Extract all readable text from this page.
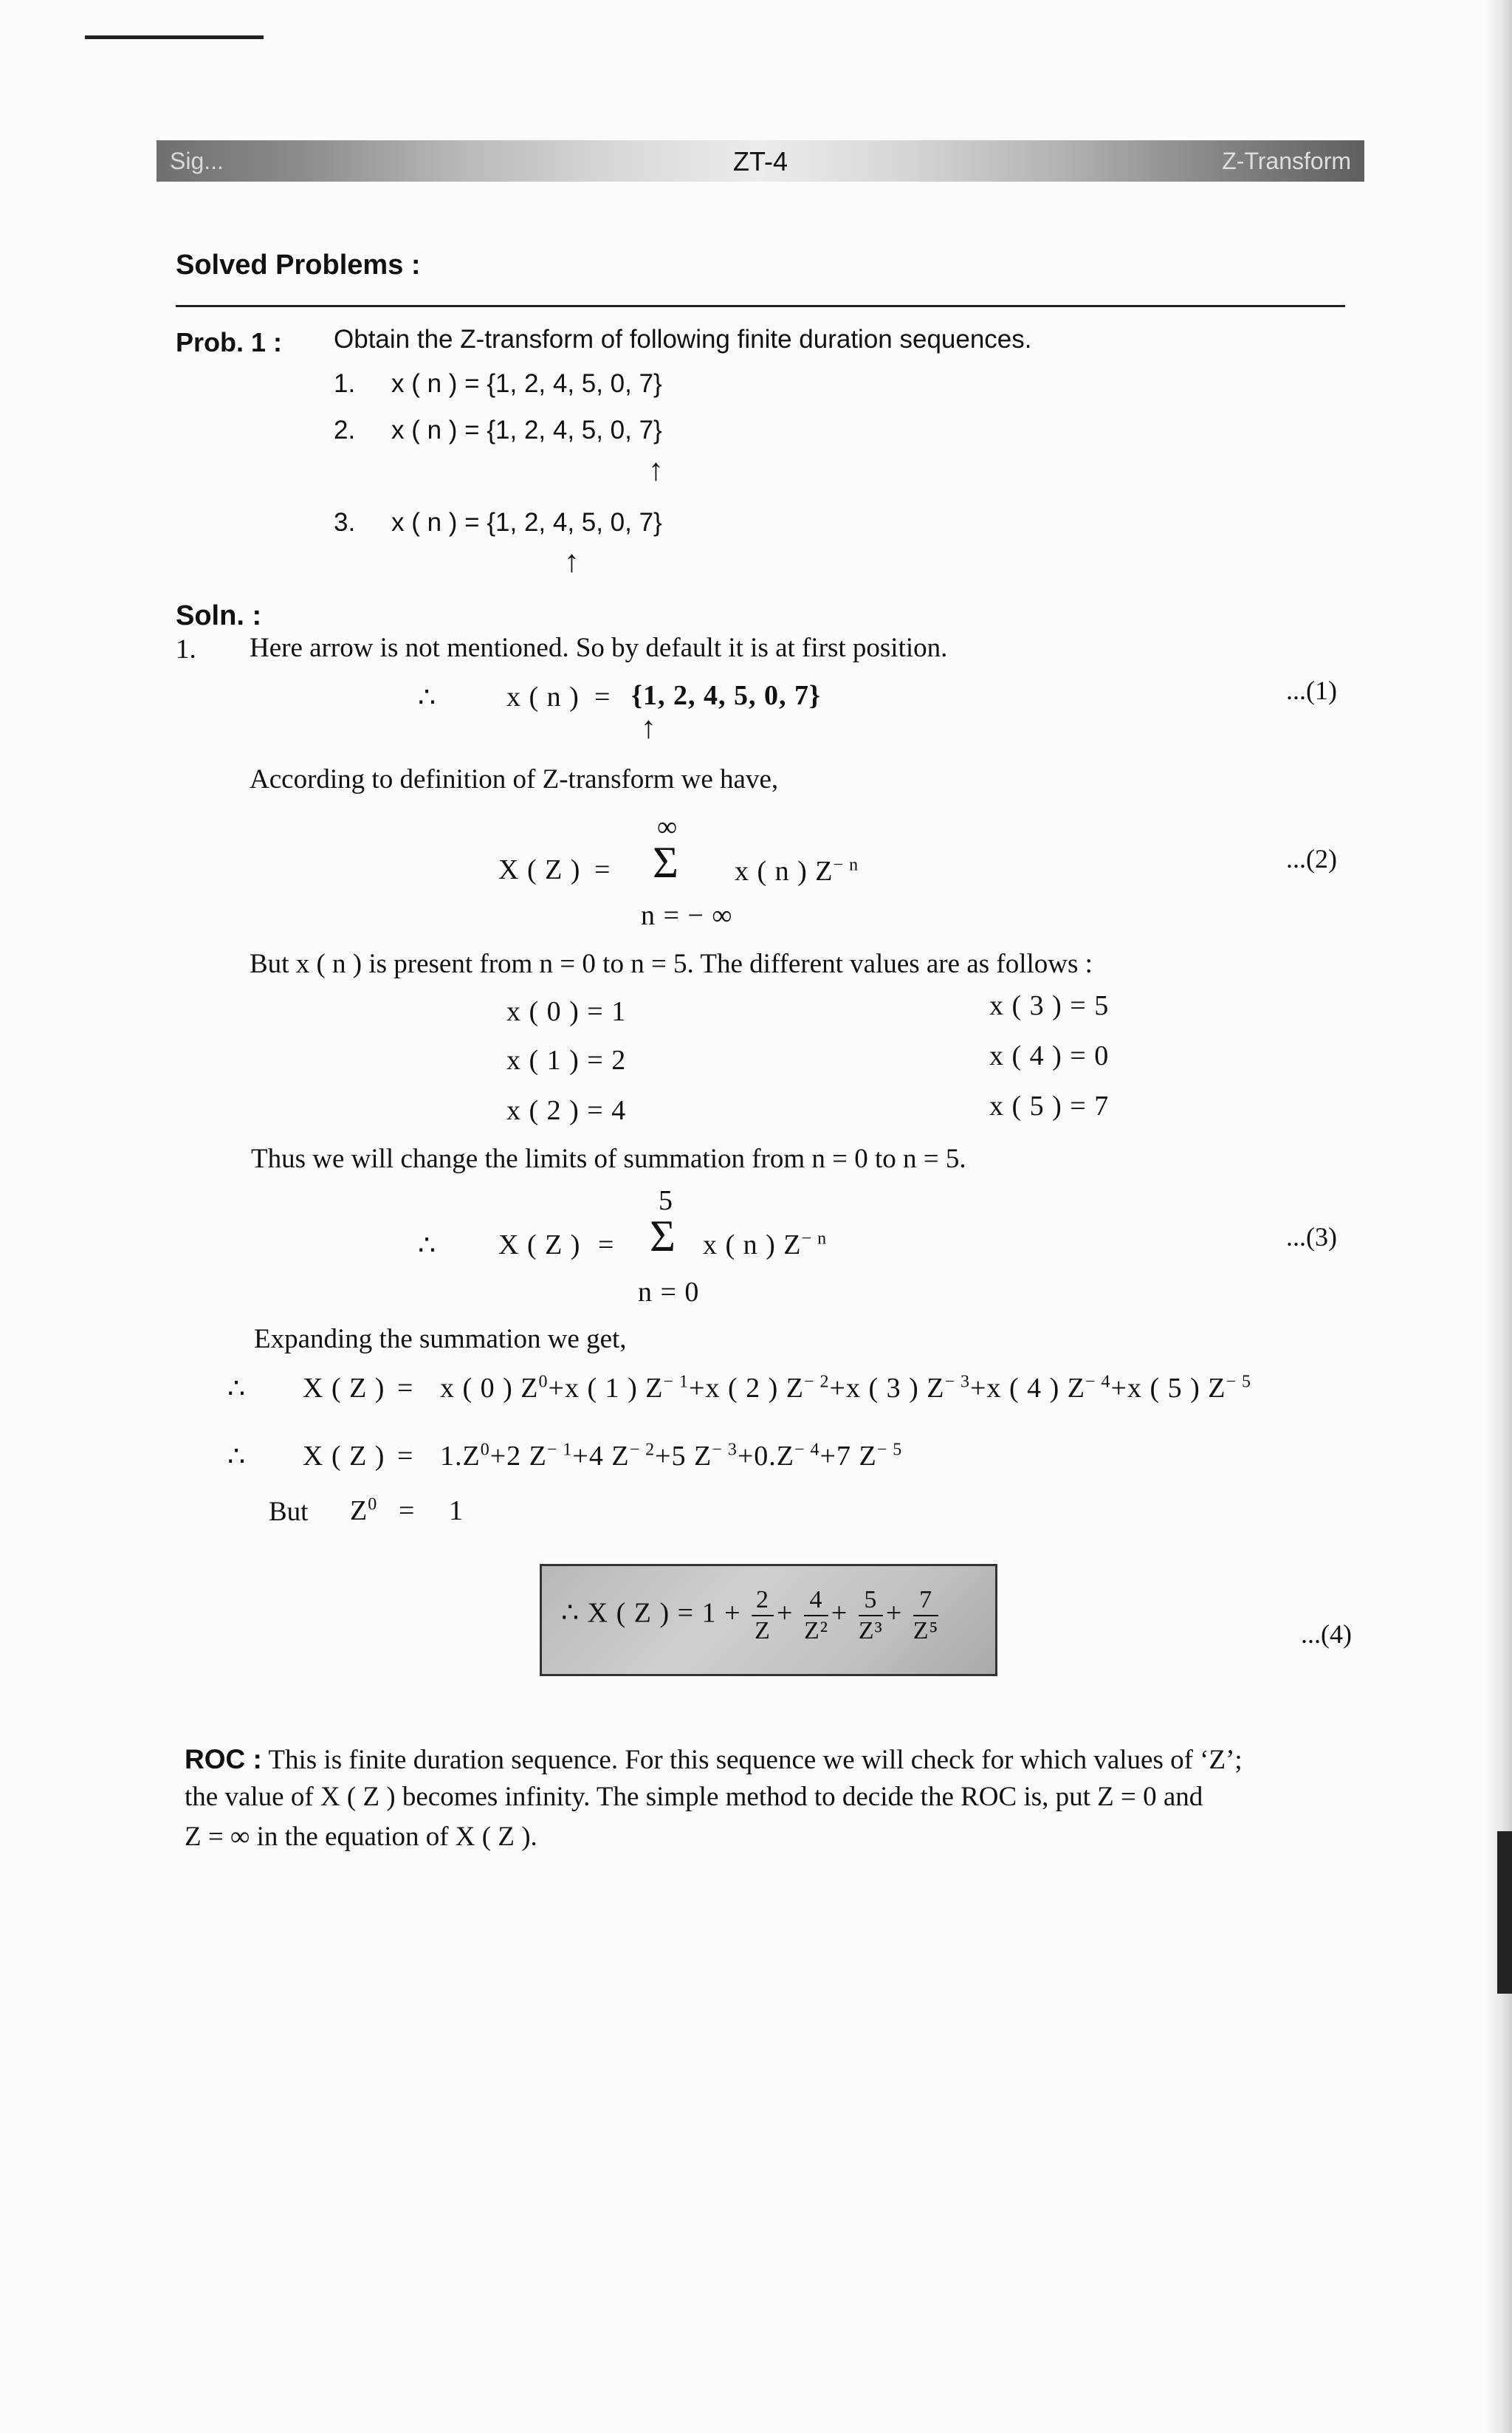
Sig...	ZT-4	Z-Transform
Solved Problems :
Prob. 1 : Obtain the Z-transform of following finite duration sequences.
1. x ( n ) = {1, 2, 4, 5, 0, 7}
2. x ( n ) = {1, 2, 4, 5, 0, 7}
↑
3. x ( n ) = {1, 2, 4, 5, 0, 7}
↑
Soln. :
1. Here arrow is not mentioned. So by default it is at first position.
∴ x ( n ) = {1, 2, 4, 5, 0, 7}
↑
...(1)
According to definition of Z-transform we have,
∞
X ( Z ) = Σ x ( n ) $Z^{- n}$
n = − ∞
...(2)
But x ( n ) is present from n = 0 to n = 5. The different values are as follows :
x ( 0 ) = 1
x ( 1 ) = 2
x ( 2 ) = 4
x ( 3 ) = 5
x ( 4 ) = 0
x ( 5 ) = 7
Thus we will change the limits of summation from n = 0 to n = 5.
5
∴ X ( Z ) = Σ x ( n ) $Z^{- n}$
n = 0
...(3)
Expanding the summation we get,
∴ X ( Z ) = x ( 0 ) $Z^0+x$ ( 1 ) $Z^{- 1}+x$ ( 2 ) $Z^{- 2}+x$ ( 3 ) $Z^{- 3}+x$ ( 4 ) $Z^{- 4}+x$ ( 5 ) $Z^{- 5}$
∴ X ( Z ) = $1.Z^0+2$ $Z^{- 1}+4$ $Z^{- 2}+5$ $Z^{- 3}+0.Z^{- 4}+7$ $Z^{- 5}$
But $Z^0 = 1$
∴ X ( Z ) = $1 + \frac{2}{Z} + \frac{4}{\text{Z²}} + \frac{5}{\text{Z³}} + \frac{7}{\text{Z⁵}}$	...(4)
ROC : This is finite duration sequence. For this sequence we will check for which values of ‘Z’;
the value of X ( Z ) becomes infinity. The simple method to decide the ROC is, put Z = 0 and
Z = ∞ in the equation of X ( Z ).
